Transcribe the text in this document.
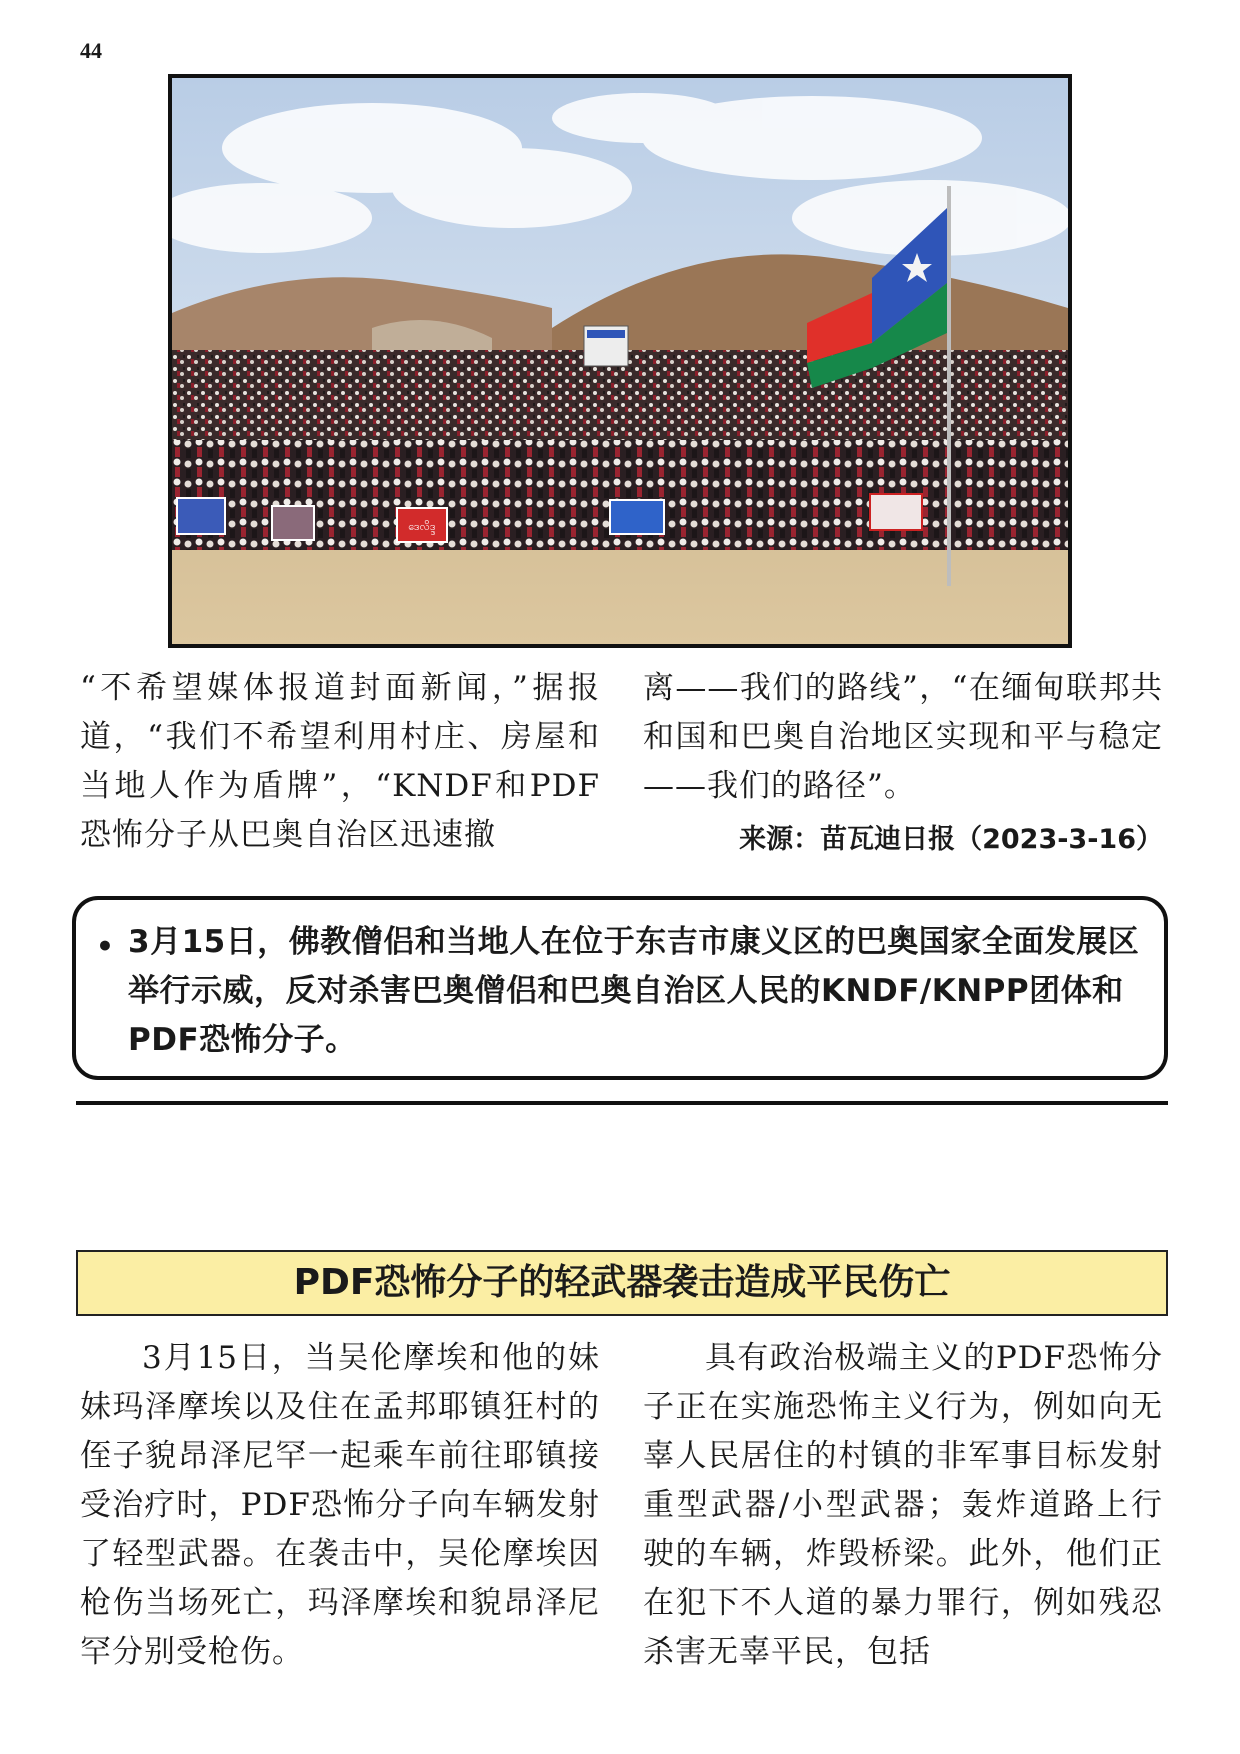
44
ဒေလိဒ္ဒ

“不希望媒体报道封面新闻，”据报道，“我们不希望利用村庄、房屋和当地人作为盾牌”，“KNDF和PDF恐怖分子从巴奥自治区迅速撤

离——我们的路线”，“在缅甸联邦共和国和巴奥自治地区实现和平与稳定——我们的路径”。

来源：苗瓦迪日报（2023-3-16）
• 3月15日，佛教僧侣和当地人在位于东吉市康义区的巴奥国家全面发展区举行示威，反对杀害巴奥僧侣和巴奥自治区人民的KNDF/KNPP团体和PDF恐怖分子。

PDF恐怖分子的轻武器袭击造成平民伤亡

3月15日，当吴伦摩埃和他的妹妹玛泽摩埃以及住在孟邦耶镇狂村的侄子貌昂泽尼罕一起乘车前往耶镇接受治疗时，PDF恐怖分子向车辆发射了轻型武器。在袭击中，吴伦摩埃因枪伤当场死亡，玛泽摩埃和貌昂泽尼罕分别受枪伤。

具有政治极端主义的PDF恐怖分子正在实施恐怖主义行为，例如向无辜人民居住的村镇的非军事目标发射重型武器/小型武器；轰炸道路上行驶的车辆，炸毁桥梁。此外，他们正在犯下不人道的暴力罪行，例如残忍杀害无辜平民，包括
